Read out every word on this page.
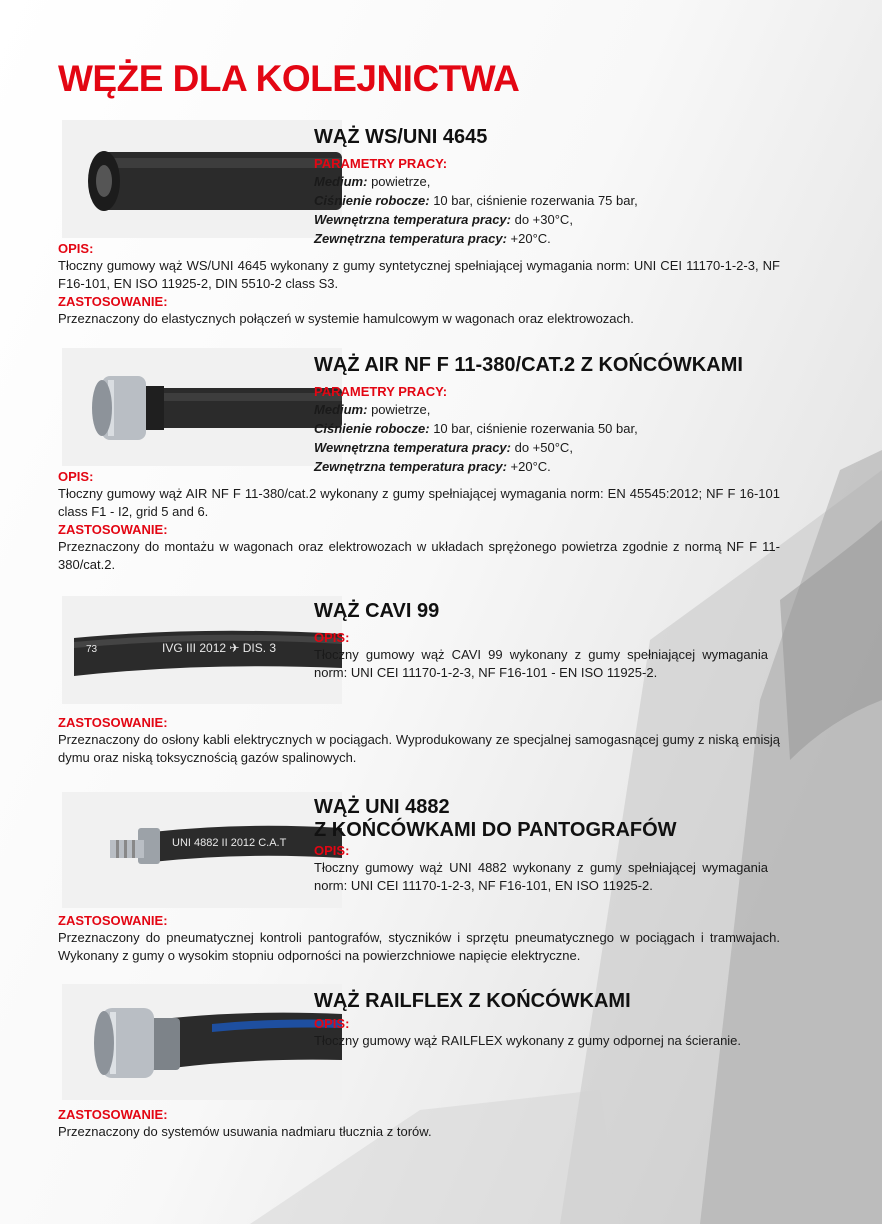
WĘŻE DLA KOLEJNICTWA
WĄŻ WS/UNI 4645
PARAMETRY PRACY:
Medium: powietrze,
Ciśnienie robocze: 10 bar, ciśnienie rozerwania 75 bar,
Wewnętrzna temperatura pracy: do +30°C,
Zewnętrzna temperatura pracy: +20°C.
OPIS:

Tłoczny gumowy wąż WS/UNI 4645 wykonany z gumy syntetycznej spełniającej wymagania norm: UNI CEI 11170-1-2-3, NF F16-101, EN ISO 11925-2, DIN 5510-2 class S3.

ZASTOSOWANIE:

Przeznaczony do elastycznych połączeń w systemie hamulcowym w wagonach oraz elektrowozach.

WĄŻ AIR NF F 11-380/CAT.2 Z KOŃCÓWKAMI
PARAMETRY PRACY:
Medium: powietrze,
Ciśnienie robocze: 10 bar, ciśnienie rozerwania 50 bar,
Wewnętrzna temperatura pracy: do +50°C,
Zewnętrzna temperatura pracy: +20°C.
OPIS:

Tłoczny gumowy wąż AIR NF F 11-380/cat.2 wykonany z gumy spełniającej wymagania norm: EN 45545:2012; NF F 16-101 class F1 - I2, grid 5 and 6.

ZASTOSOWANIE:

Przeznaczony do montażu w wagonach oraz elektrowozach w układach sprężonego powietrza zgodnie z normą NF F 11-380/cat.2.

73	IVG III 2012 ✈ DIS. 3
WĄŻ CAVI 99
OPIS:

Tłoczny gumowy wąż CAVI 99 wykonany z gumy spełniającej wymagania norm: UNI CEI 11170-1-2-3, NF F16-101 - EN ISO 11925-2.

ZASTOSOWANIE:

Przeznaczony do osłony kabli elektrycznych w pociągach. Wyprodukowany ze specjalnej samogasnącej gumy z niską emisją dymu oraz niską toksycznością gazów spalinowych.

UNI 4882 II 2012 C.A.T
WĄŻ UNI 4882
Z KOŃCÓWKAMI DO PANTOGRAFÓW
OPIS:

Tłoczny gumowy wąż UNI 4882 wykonany z gumy spełniającej wymagania norm: UNI CEI 11170-1-2-3, NF F16-101, EN ISO 11925-2.

ZASTOSOWANIE:

Przeznaczony do pneumatycznej kontroli pantografów, styczników i sprzętu pneumatycznego w pociągach i tramwajach. Wykonany z gumy o wysokim stopniu odporności na powierzchniowe napięcie elektryczne.

WĄŻ RAILFLEX Z KOŃCÓWKAMI
OPIS:

Tłoczny gumowy wąż RAILFLEX wykonany z gumy odpornej na ścieranie.

ZASTOSOWANIE:

Przeznaczony do systemów usuwania nadmiaru tłucznia z torów.
